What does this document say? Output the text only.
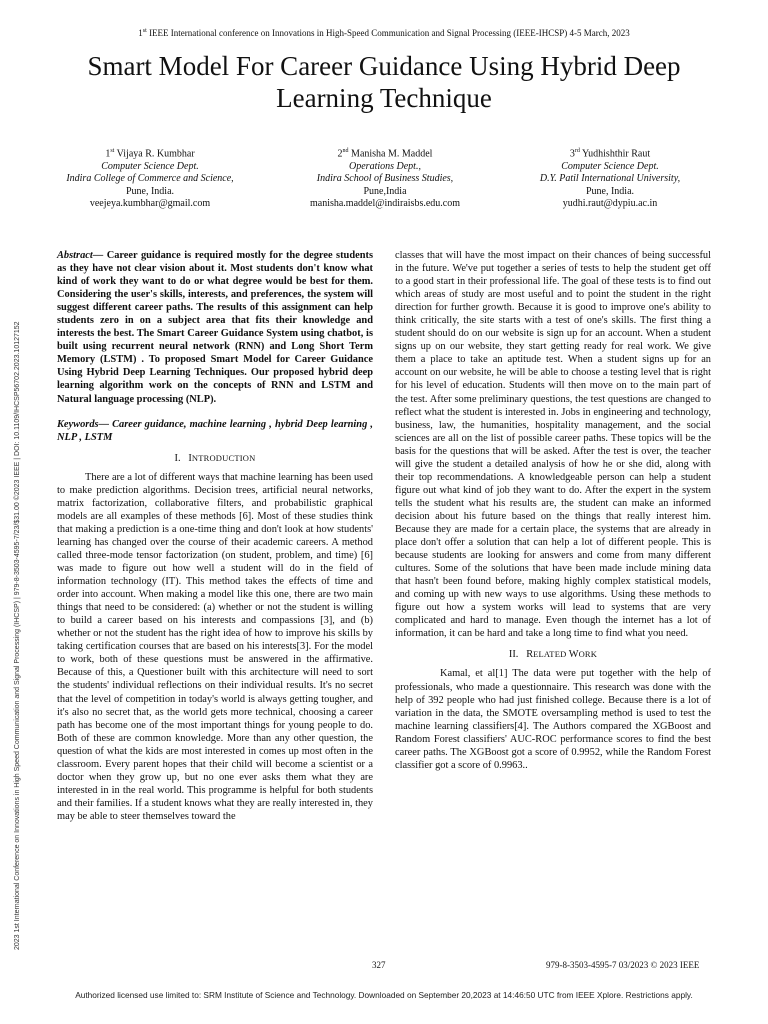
1st IEEE International conference on Innovations in High-Speed Communication and Signal Processing (IEEE-IHCSP) 4-5 March, 2023
Smart Model For Career Guidance Using Hybrid Deep Learning Technique
1st Vijaya R. Kumbhar
Computer Science Dept.
Indira College of Commerce and Science,
Pune, India.
veejeya.kumbhar@gmail.com
2nd Manisha M. Maddel
Operations Dept.,
Indira School of Business Studies,
Pune,India
manisha.maddel@indiraisbs.edu.com
3rd Yudhishthir Raut
Computer Science Dept.
D.Y. Patil International University,
Pune, India.
yudhi.raut@dypiu.ac.in
2023 1st International Conference on Innovations in High Speed Communication and Signal Processing (IHCSP) | 979-8-3503-4595-7/23/$31.00 ©2023 IEEE | DOI: 10.1109/IHCSP56702.2023.10127152

Abstract— Career guidance is required mostly for the degree students as they have not clear vision about it. Most students don't know what kind of work they want to do or what degree would be best for them. Considering the user's skills, interests, and preferences, the system will suggest different career paths. The results of this assignment can help students zero in on a subject area that fits their knowledge and interests the best. The Smart Career Guidance System using chatbot, is built using recurrent neural network (RNN) and Long Short Term Memory (LSTM) . To proposed Smart Model for Career Guidance Using Hybrid Deep Learning Techniques. Our proposed hybrid deep learning algorithm work on the concepts of RNN and LSTM and Natural language processing (NLP).

Keywords— Career guidance, machine learning , hybrid Deep learning , NLP , LSTM

I. INTRODUCTION

There are a lot of different ways that machine learning has been used to make prediction algorithms. Decision trees, artificial neural networks, matrix factorization, collaborative filters, and probabilistic graphical models are all examples of these methods [6]. Most of these studies think that making a prediction is a one-time thing and don't look at how students' learning has changed over the course of their academic careers. A method called three-mode tensor factorization (on student, problem, and time) [6] was made to figure out how well a student will do in the field of information technology (IT). This method takes the effects of time and order into account. When making a model like this one, there are two main things that need to be considered: (a) whether or not the student is willing to build a career based on his interests and compassions [3], and (b) whether or not the student has the right idea of how to improve his skills by taking certification courses that are based on his interests[3]. For the model to work, both of these questions must be answered in the affirmative. Because of this, a Questioner built with this architecture will need to sort the students' individual reflections on their individual results. It's no secret that the level of competition in today's world is always getting tougher, and it's also no secret that, as the world gets more technical, choosing a career path has become one of the most important things for young people to do. Both of these are common knowledge. More than any other question, the question of what the kids are most interested in comes up most often in the classroom. Every parent hopes that their child will become a scientist or a doctor when they grow up, but no one ever asks them what they are interested in in the real world. This programme is helpful for both students and their families. If a student knows what they are really interested in, they may be able to steer themselves toward the

classes that will have the most impact on their chances of being successful in the future. We've put together a series of tests to help the student get off to a good start in their professional life. The goal of these tests is to find out which areas of study are most useful and to point the student in the right direction for further growth. Because it is good to improve one's ability to think critically, the site starts with a test of one's skills. The first thing a student should do on our website is sign up for an account. When a student signs up on our website, they start getting ready for real work. We give them a place to take an aptitude test. When a student signs up for an account on our website, he will be able to choose a testing level that is right for his level of education. Students will then move on to the main part of the test. After some preliminary questions, the test questions are changed to reflect what the student is interested in. Jobs in engineering and technology, business, law, the humanities, hospitality management, and the social sciences are all on the list of possible career paths. These topics will be the basis for the questions that will be asked. After the test is over, the teacher will give the student a detailed analysis of how he or she did, along with their top recommendations. A knowledgeable person can help a student figure out what kind of job they want to do. After the expert in the system tells the student what his results are, the student can make an informed decision about his future based on the things that really interest him. Because they are made for a certain place, the systems that are already in place don't offer a solution that can help a lot of different people. This is because students are looking for answers and come from many different cultures. Some of the solutions that have been made include mining data that hasn't been found before, making highly complex statistical models, and coming up with new ways to use algorithms. Using these methods to figure out how a system works will lead to systems that are very complicated and hard to manage. Even though the internet has a lot of information, it can be hard and take a long time to find what you need.

II. RELATED WORK

Kamal, et al[1] The data were put together with the help of professionals, who made a questionnaire. This research was done with the help of 392 people who had just finished college. Because there is a lot of variation in the data, the SMOTE oversampling method is used to test the machine learning classifiers[4]. The Authors compared the XGBoost and Random Forest classifiers' AUC-ROC performance scores to find the best career paths. The XGBoost got a score of 0.9952, while the Random Forest classifier got a score of 0.9963..

327	979-8-3503-4595-7 03/2023 © 2023 IEEE
Authorized licensed use limited to: SRM Institute of Science and Technology. Downloaded on September 20,2023 at 14:46:50 UTC from IEEE Xplore. Restrictions apply.
